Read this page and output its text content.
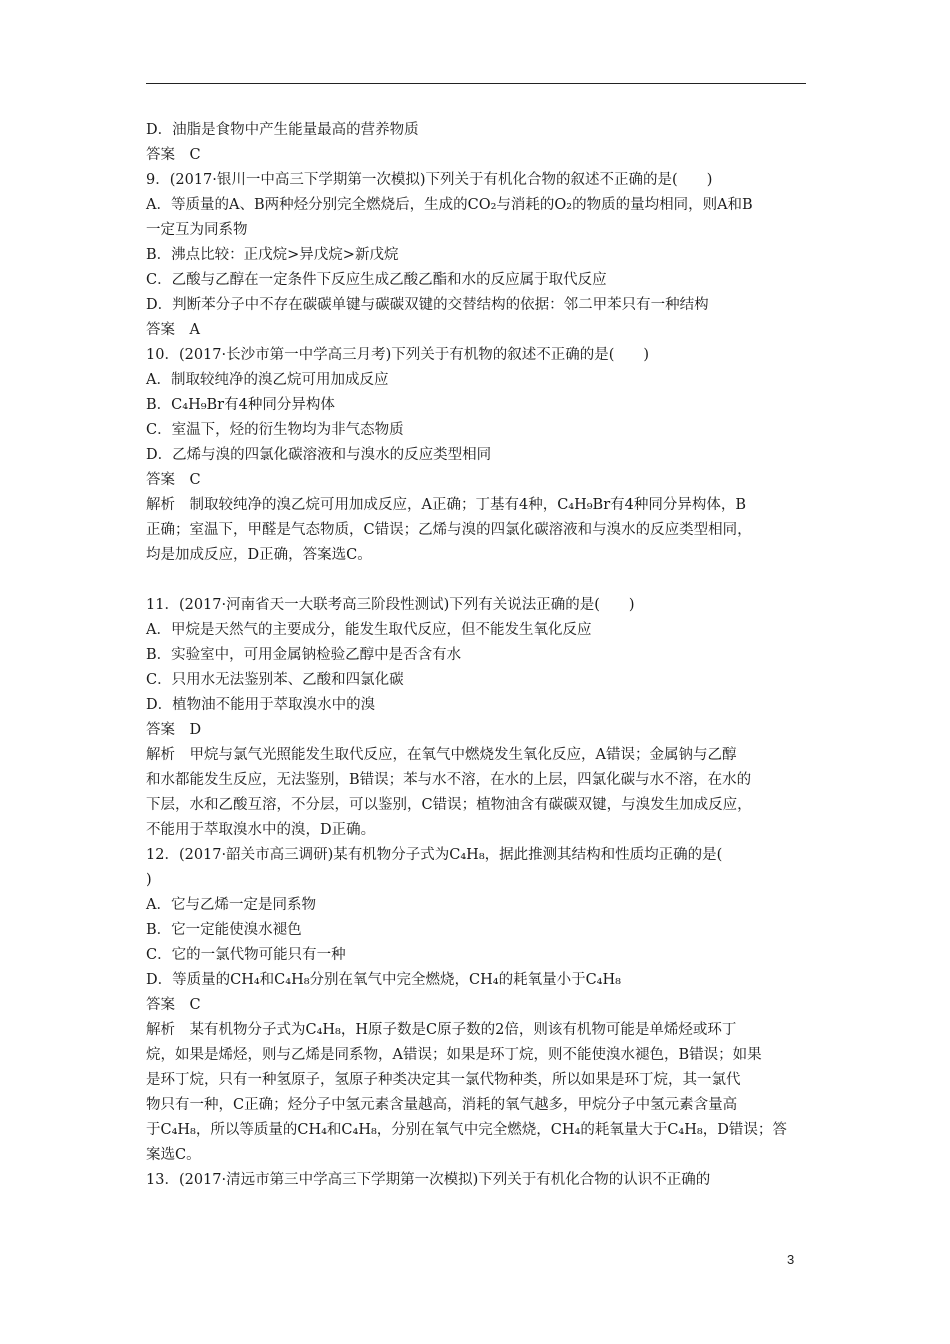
D．油脂是食物中产生能量最高的营养物质
答案　C
9．(2017·银川一中高三下学期第一次模拟)下列关于有机化合物的叙述不正确的是(　　)
A．等质量的A、B两种烃分别完全燃烧后，生成的CO₂与消耗的O₂的物质的量均相同，则A和B
一定互为同系物
B．沸点比较：正戊烷>异戊烷>新戊烷
C．乙酸与乙醇在一定条件下反应生成乙酸乙酯和水的反应属于取代反应
D．判断苯分子中不存在碳碳单键与碳碳双键的交替结构的依据：邻二甲苯只有一种结构
答案　A
10．(2017·长沙市第一中学高三月考)下列关于有机物的叙述不正确的是(　　)
A．制取较纯净的溴乙烷可用加成反应
B．C₄H₉Br有4种同分异构体
C．室温下，烃的衍生物均为非气态物质
D．乙烯与溴的四氯化碳溶液和与溴水的反应类型相同
答案　C
解析　制取较纯净的溴乙烷可用加成反应，A正确；丁基有4种，C₄H₉Br有4种同分异构体，B
正确；室温下，甲醛是气态物质，C错误；乙烯与溴的四氯化碳溶液和与溴水的反应类型相同，
均是加成反应，D正确，答案选C。
11．(2017·河南省天一大联考高三阶段性测试)下列有关说法正确的是(　　)
A．甲烷是天然气的主要成分，能发生取代反应，但不能发生氧化反应
B．实验室中，可用金属钠检验乙醇中是否含有水
C．只用水无法鉴别苯、乙酸和四氯化碳
D．植物油不能用于萃取溴水中的溴
答案　D
解析　甲烷与氯气光照能发生取代反应，在氧气中燃烧发生氧化反应，A错误；金属钠与乙醇
和水都能发生反应，无法鉴别，B错误；苯与水不溶，在水的上层，四氯化碳与水不溶，在水的
下层，水和乙酸互溶，不分层，可以鉴别，C错误；植物油含有碳碳双键，与溴发生加成反应，
不能用于萃取溴水中的溴，D正确。
12．(2017·韶关市高三调研)某有机物分子式为C₄H₈，据此推测其结构和性质均正确的是(
)
A．它与乙烯一定是同系物
B．它一定能使溴水褪色
C．它的一氯代物可能只有一种
D．等质量的CH₄和C₄H₈分别在氧气中完全燃烧，CH₄的耗氧量小于C₄H₈
答案　C
解析　某有机物分子式为C₄H₈，H原子数是C原子数的2倍，则该有机物可能是单烯烃或环丁
烷，如果是烯烃，则与乙烯是同系物，A错误；如果是环丁烷，则不能使溴水褪色，B错误；如果
是环丁烷，只有一种氢原子，氢原子种类决定其一氯代物种类，所以如果是环丁烷，其一氯代
物只有一种，C正确；烃分子中氢元素含量越高，消耗的氧气越多，甲烷分子中氢元素含量高
于C₄H₈，所以等质量的CH₄和C₄H₈，分别在氧气中完全燃烧，CH₄的耗氧量大于C₄H₈，D错误；答
案选C。
13．(2017·清远市第三中学高三下学期第一次模拟)下列关于有机化合物的认识不正确的
3
